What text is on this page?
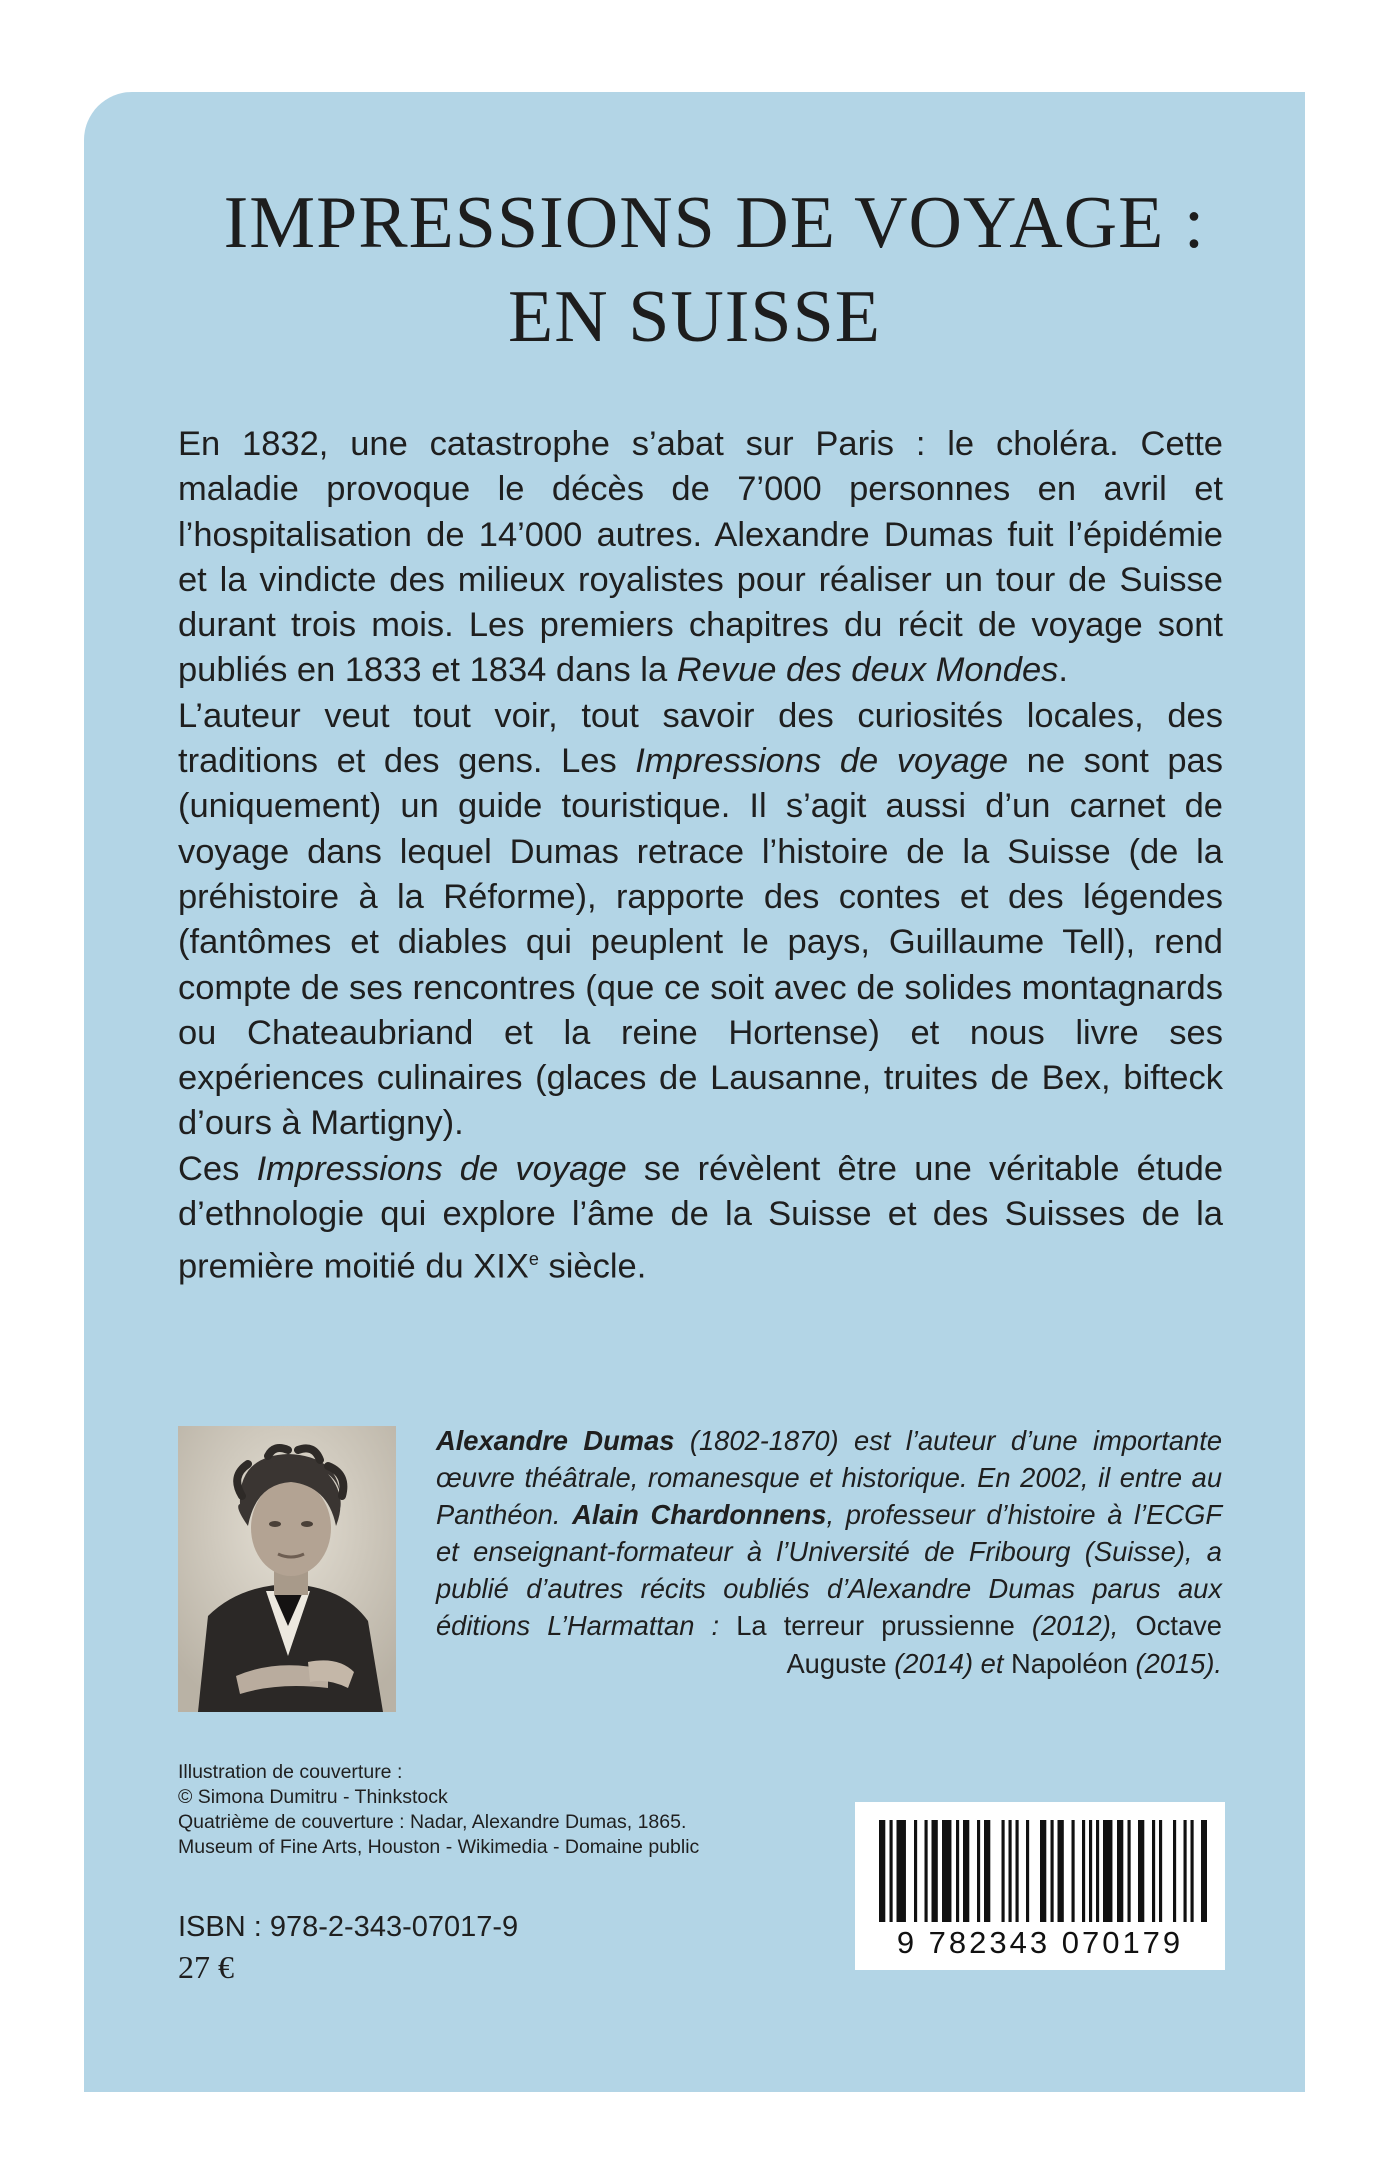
IMPRESSIONS DE VOYAGE :
EN SUISSE

En 1832, une catastrophe s’abat sur Paris : le choléra. Cette maladie provoque le décès de 7’000 personnes en avril et l’hospitalisation de 14’000 autres. Alexandre Dumas fuit l’épidémie et la vindicte des milieux royalistes pour réaliser un tour de Suisse durant trois mois. Les premiers chapitres du récit de voyage sont publiés en 1833 et 1834 dans la Revue des deux Mondes.

L’auteur veut tout voir, tout savoir des curiosités locales, des traditions et des gens. Les Impressions de voyage ne sont pas (uniquement) un guide touristique. Il s’agit aussi d’un carnet de voyage dans lequel Dumas retrace l’histoire de la Suisse (de la préhistoire à la Réforme), rapporte des contes et des légendes (fantômes et diables qui peuplent le pays, Guillaume Tell), rend compte de ses rencontres (que ce soit avec de solides montagnards ou Chateaubriand et la reine Hortense) et nous livre ses expériences culinaires (glaces de Lausanne, truites de Bex, bifteck d’ours à Martigny).

Ces Impressions de voyage se révèlent être une véritable étude d’ethnologie qui explore l’âme de la Suisse et des Suisses de la première moitié du XIXe siècle.

Alexandre Dumas (1802-1870) est l’auteur d’une importante œuvre théâtrale, romanesque et historique. En 2002, il entre au Panthéon. Alain Chardonnens, professeur d’histoire à l’ECGF et enseignant-formateur à l’Université de Fribourg (Suisse), a publié d’autres récits oubliés d’Alexandre Dumas parus aux éditions L’Harmattan : La terreur prussienne (2012), Octave Auguste (2014) et Napoléon (2015).

Illustration de couverture :
© Simona Dumitru - Thinkstock
Quatrième de couverture : Nadar, Alexandre Dumas, 1865.
Museum of Fine Arts, Houston - Wikimedia - Domaine public
ISBN : 978-2-343-07017-9
27 €
9 782343 070179
